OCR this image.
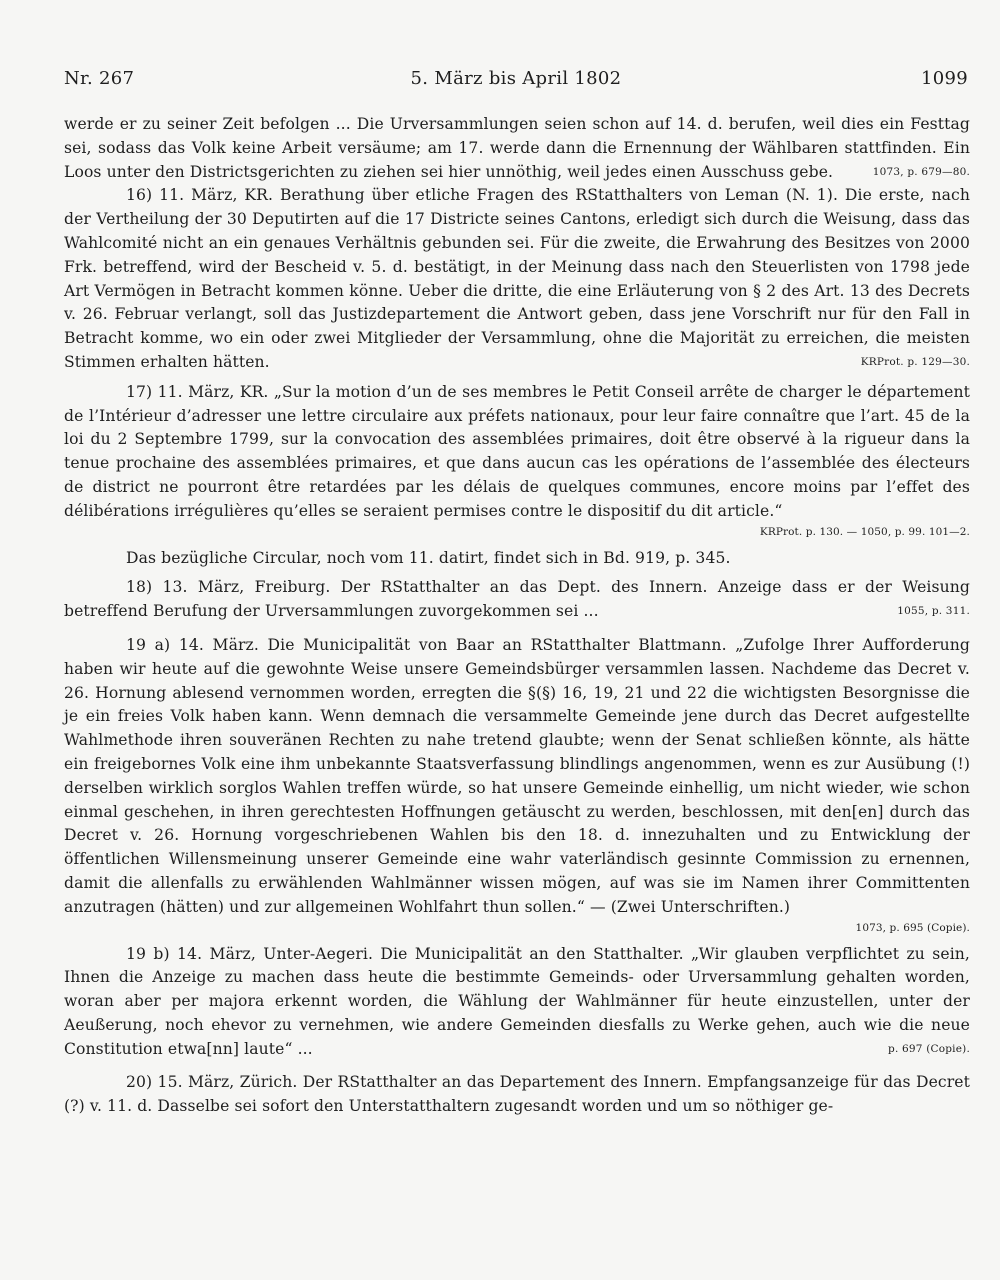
Nr. 267	5. März bis April 1802	1099
werde er zu seiner Zeit befolgen ... Die Urversammlungen seien schon auf 14. d. berufen, weil dies ein Festtag sei, sodass das Volk keine Arbeit versäume; am 17. werde dann die Ernennung der Wählbaren stattfinden. Ein Loos unter den Districtsgerichten zu ziehen sei hier unnöthig, weil jedes einen Ausschuss gebe.	1073, p. 679—80.
16) 11. März, KR. Berathung über etliche Fragen des RStatthalters von Leman (N. 1). Die erste, nach der Vertheilung der 30 Deputirten auf die 17 Districte seines Cantons, erledigt sich durch die Weisung, dass das Wahlcomité nicht an ein genaues Verhältnis gebunden sei. Für die zweite, die Erwahrung des Besitzes von 2000 Frk. betreffend, wird der Bescheid v. 5. d. bestätigt, in der Meinung dass nach den Steuerlisten von 1798 jede Art Vermögen in Betracht kommen könne. Ueber die dritte, die eine Erläuterung von § 2 des Art. 13 des Decrets v. 26. Februar verlangt, soll das Justizdepartement die Antwort geben, dass jene Vorschrift nur für den Fall in Betracht komme, wo ein oder zwei Mitglieder der Versammlung, ohne die Majorität zu erreichen, die meisten Stimmen erhalten hätten.	KRProt. p. 129—30.
17) 11. März, KR. „Sur la motion d’un de ses membres le Petit Conseil arrête de charger le département de l’Intérieur d’adresser une lettre circulaire aux préfets nationaux, pour leur faire connaître que l’art. 45 de la loi du 2 Septembre 1799, sur la convocation des assemblées primaires, doit être observé à la rigueur dans la tenue prochaine des assemblées primaires, et que dans aucun cas les opérations de l’assemblée des électeurs de district ne pourront être retardées par les délais de quelques communes, encore moins par l’effet des délibérations irrégulières qu’elles se seraient permises contre le dispositif du dit article.“
KRProt. p. 130. — 1050, p. 99. 101—2.
Das bezügliche Circular, noch vom 11. datirt, findet sich in Bd. 919, p. 345.
18) 13. März, Freiburg. Der RStatthalter an das Dept. des Innern. Anzeige dass er der Weisung betreffend Berufung der Urversammlungen zuvorgekommen sei ...	1055, p. 311.
19 a) 14. März. Die Municipalität von Baar an RStatthalter Blattmann. „Zufolge Ihrer Aufforderung haben wir heute auf die gewohnte Weise unsere Gemeindsbürger versammlen lassen. Nachdeme das Decret v. 26. Hornung ablesend vernommen worden, erregten die §(§) 16, 19, 21 und 22 die wichtigsten Besorgnisse die je ein freies Volk haben kann. Wenn demnach die versammelte Gemeinde jene durch das Decret aufgestellte Wahlmethode ihren souveränen Rechten zu nahe tretend glaubte; wenn der Senat schließen könnte, als hätte ein freigebornes Volk eine ihm unbekannte Staatsverfassung blindlings angenommen, wenn es zur Ausübung (!) derselben wirklich sorglos Wahlen treffen würde, so hat unsere Gemeinde einhellig, um nicht wieder, wie schon einmal geschehen, in ihren gerechtesten Hoffnungen getäuscht zu werden, beschlossen, mit den[en] durch das Decret v. 26. Hornung vorgeschriebenen Wahlen bis den 18. d. innezuhalten und zu Entwicklung der öffentlichen Willensmeinung unserer Gemeinde eine wahr vaterländisch gesinnte Commission zu ernennen, damit die allenfalls zu erwählenden Wahlmänner wissen mögen, auf was sie im Namen ihrer Committenten anzutragen (hätten) und zur allgemeinen Wohlfahrt thun sollen.“ — (Zwei Unterschriften.)
1073, p. 695 (Copie).
19 b) 14. März, Unter-Aegeri. Die Municipalität an den Statthalter. „Wir glauben verpflichtet zu sein, Ihnen die Anzeige zu machen dass heute die bestimmte Gemeinds- oder Urversammlung gehalten worden, woran aber per majora erkennt worden, die Wählung der Wahlmänner für heute einzustellen, unter der Aeußerung, noch ehevor zu vernehmen, wie andere Gemeinden diesfalls zu Werke gehen, auch wie die neue Constitution etwa[nn] laute“ ...	p. 697 (Copie).
20) 15. März, Zürich. Der RStatthalter an das Departement des Innern. Empfangsanzeige für das Decret (?) v. 11. d. Dasselbe sei sofort den Unterstatthaltern zugesandt worden und um so nöthiger ge-
